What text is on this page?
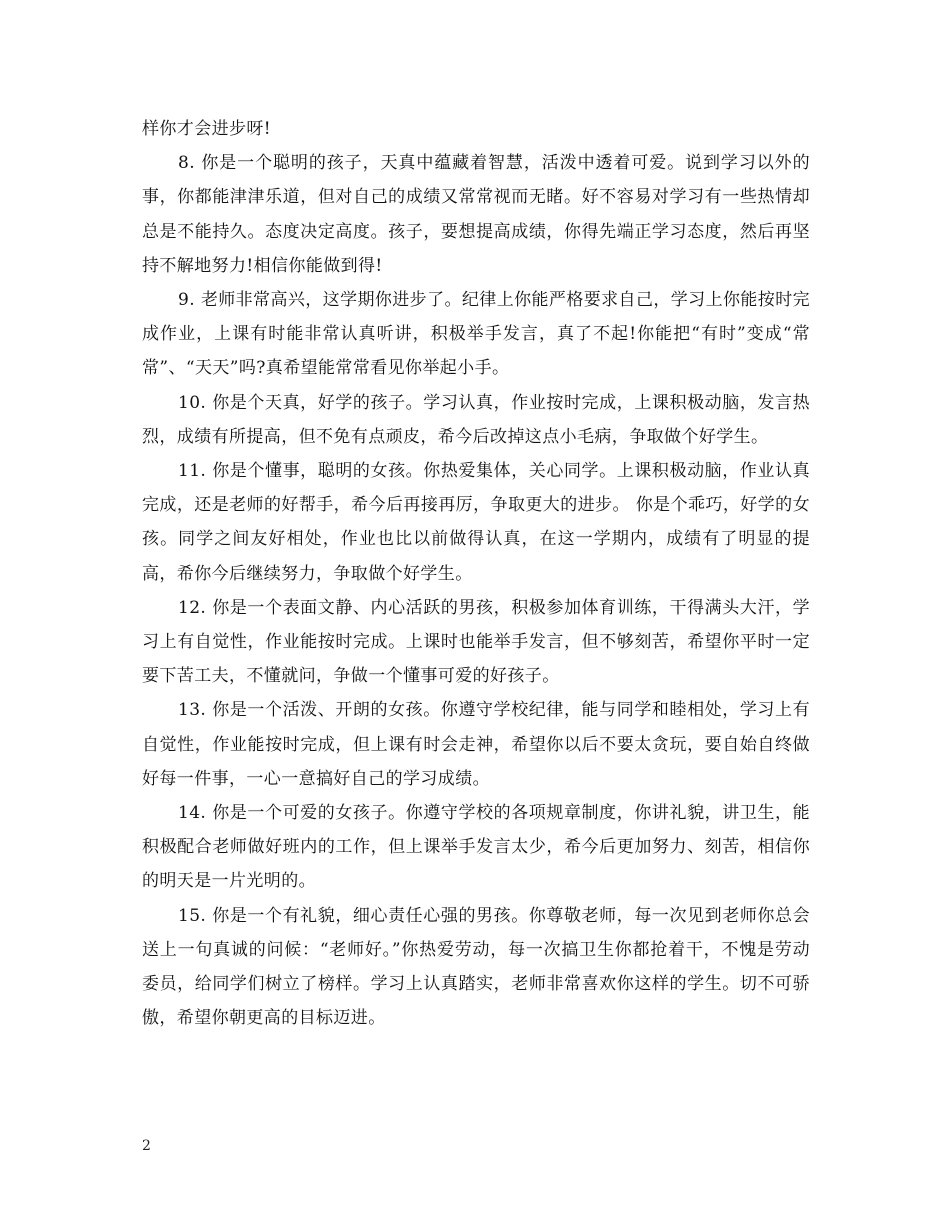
样你才会进步呀!

8. 你是一个聪明的孩子，天真中蕴藏着智慧，活泼中透着可爱。说到学习以外的事，你都能津津乐道，但对自己的成绩又常常视而无睹。好不容易对学习有一些热情却总是不能持久。态度决定高度。孩子，要想提高成绩，你得先端正学习态度，然后再坚持不解地努力!相信你能做到得!

9. 老师非常高兴，这学期你进步了。纪律上你能严格要求自己，学习上你能按时完成作业，上课有时能非常认真听讲，积极举手发言，真了不起!你能把“有时”变成“常常”、“天天”吗?真希望能常常看见你举起小手。

10. 你是个天真，好学的孩子。学习认真，作业按时完成，上课积极动脑，发言热烈，成绩有所提高，但不免有点顽皮，希今后改掉这点小毛病，争取做个好学生。

11. 你是个懂事，聪明的女孩。你热爱集体，关心同学。上课积极动脑，作业认真完成，还是老师的好帮手，希今后再接再厉，争取更大的进步。 你是个乖巧，好学的女孩。同学之间友好相处，作业也比以前做得认真，在这一学期内，成绩有了明显的提高，希你今后继续努力，争取做个好学生。

12. 你是一个表面文静、内心活跃的男孩，积极参加体育训练，干得满头大汗，学习上有自觉性，作业能按时完成。上课时也能举手发言，但不够刻苦，希望你平时一定要下苦工夫，不懂就问，争做一个懂事可爱的好孩子。

13. 你是一个活泼、开朗的女孩。你遵守学校纪律，能与同学和睦相处，学习上有自觉性，作业能按时完成，但上课有时会走神，希望你以后不要太贪玩，要自始自终做好每一件事，一心一意搞好自己的学习成绩。

14. 你是一个可爱的女孩子。你遵守学校的各项规章制度，你讲礼貌，讲卫生，能积极配合老师做好班内的工作，但上课举手发言太少，希今后更加努力、刻苦，相信你的明天是一片光明的。

15. 你是一个有礼貌，细心责任心强的男孩。你尊敬老师，每一次见到老师你总会送上一句真诚的问候：“老师好。”你热爱劳动，每一次搞卫生你都抢着干，不愧是劳动委员，给同学们树立了榜样。学习上认真踏实，老师非常喜欢你这样的学生。切不可骄傲，希望你朝更高的目标迈进。

2
